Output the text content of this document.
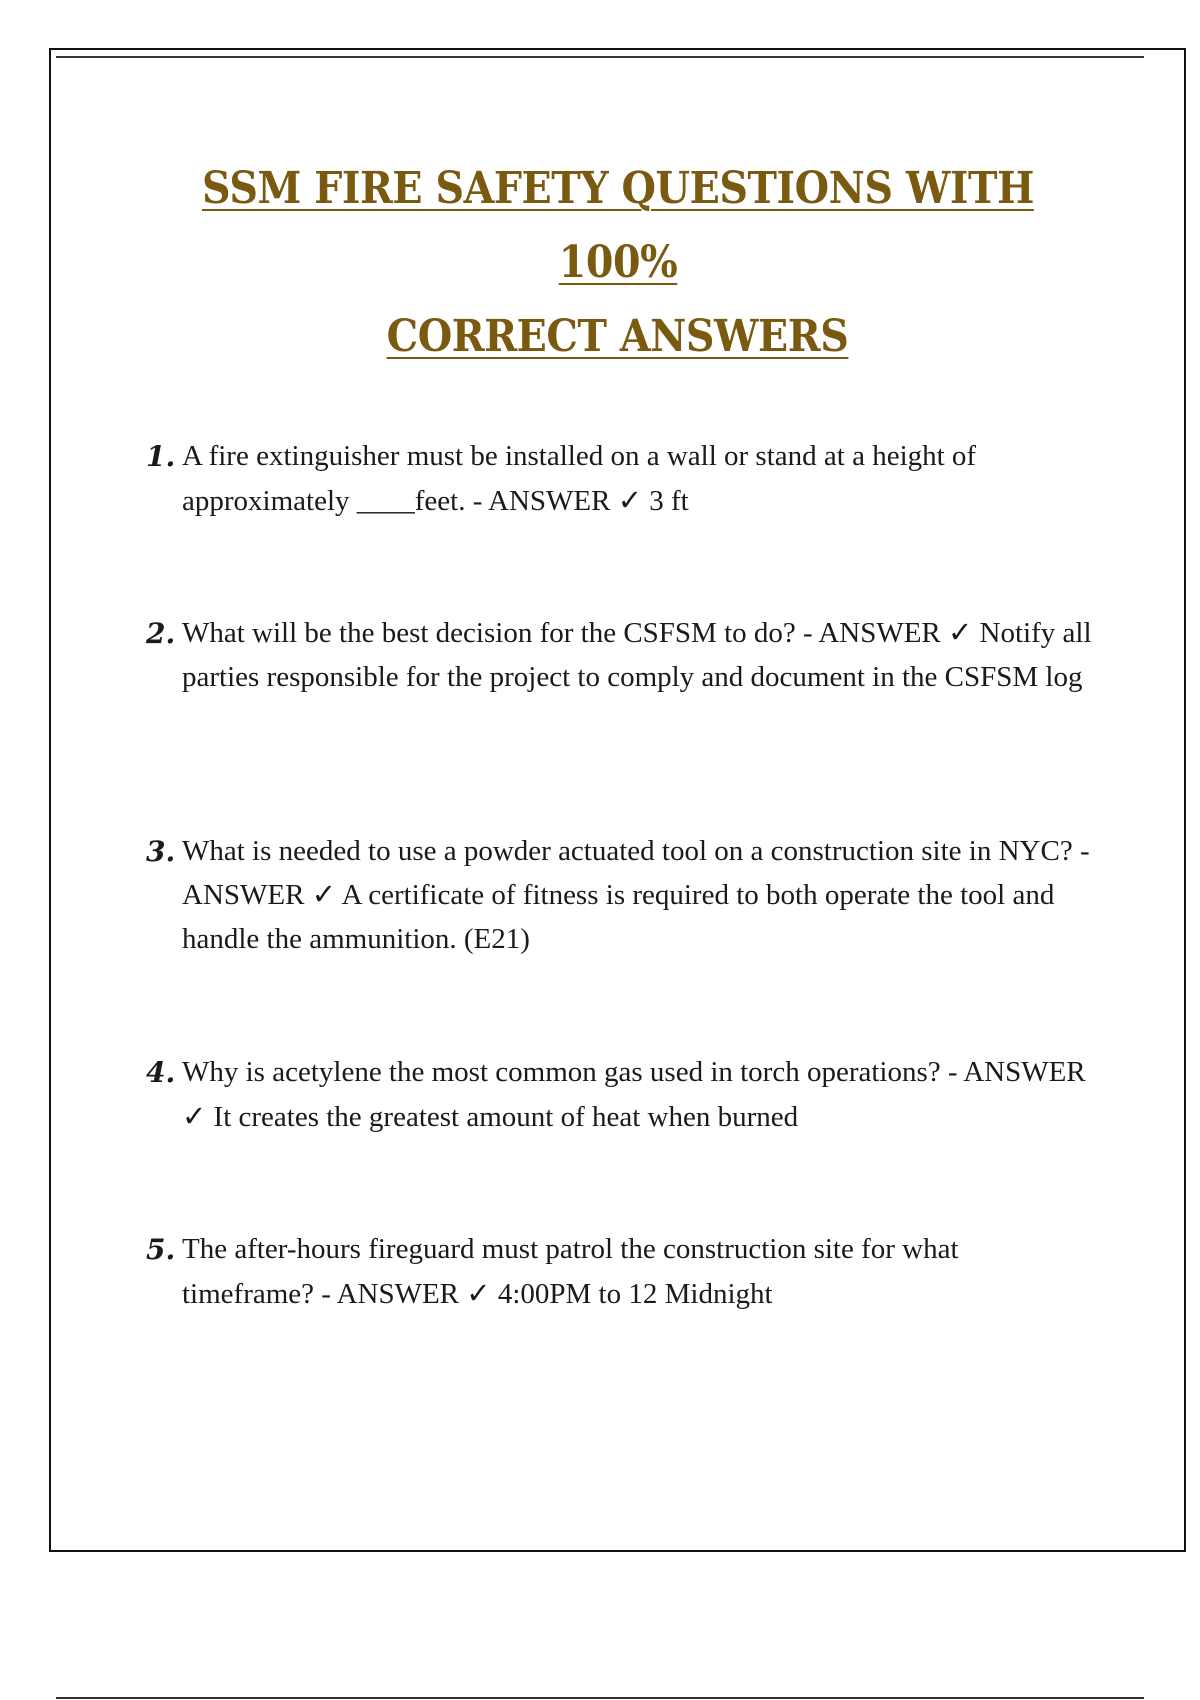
SSM FIRE SAFETY QUESTIONS WITH 100%
CORRECT ANSWERS
1. A fire extinguisher must be installed on a wall or stand at a height of approximately ____feet. - ANSWER ✓ 3 ft
2. What will be the best decision for the CSFSM to do? - ANSWER ✓ Notify all parties responsible for the project to comply and document in the CSFSM log
3. What is needed to use a powder actuated tool on a construction site in NYC? - ANSWER ✓ A certificate of fitness is required to both operate the tool and handle the ammunition. (E21)
4. Why is acetylene the most common gas used in torch operations? - ANSWER ✓ It creates the greatest amount of heat when burned
5. The after-hours fireguard must patrol the construction site for what timeframe? - ANSWER ✓ 4:00PM to 12 Midnight
